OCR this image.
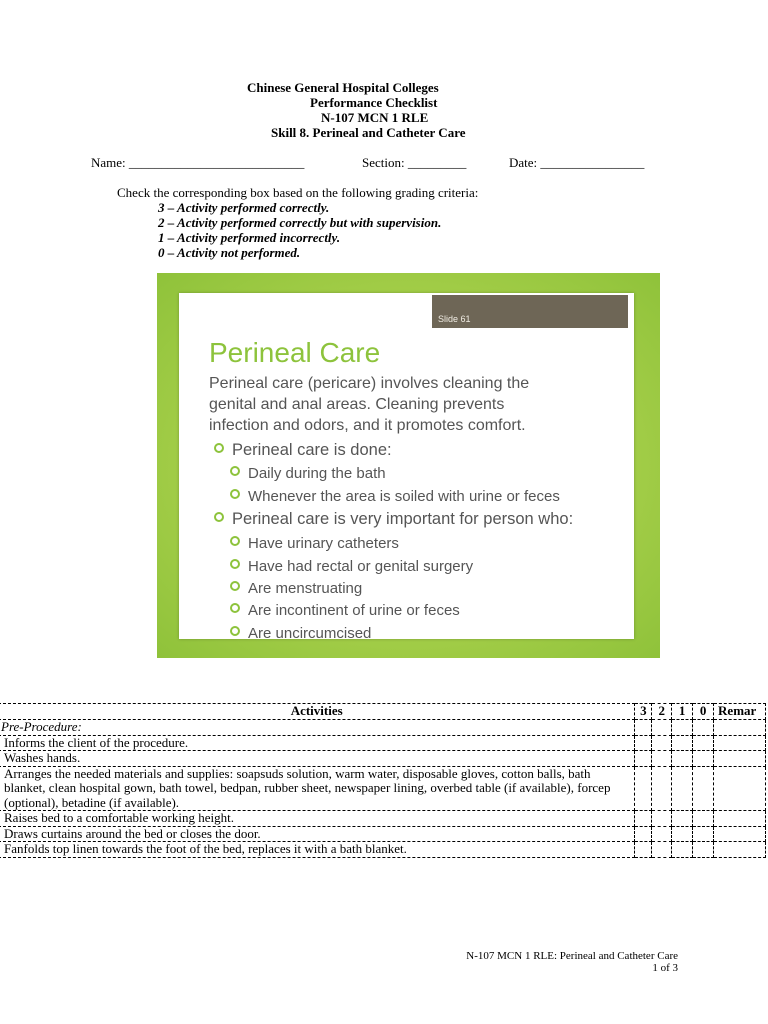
Chinese General Hospital Colleges
Performance Checklist
N-107 MCN 1 RLE
Skill 8. Perineal and Catheter Care
Name: ___________________________	Section: _________	Date: ________________
Check the corresponding box based on the following grading criteria:
3 – Activity performed correctly.
2 – Activity performed correctly but with supervision.
1 – Activity performed incorrectly.
0 – Activity not performed.
Slide 61
Perineal Care
Perineal care (pericare) involves cleaning the
genital and anal areas. Cleaning prevents
infection and odors, and it promotes comfort.
Perineal care is done:
Daily during the bath
Whenever the area is soiled with urine or feces
Perineal care is very important for person who:
Have urinary catheters
Have had rectal or genital surgery
Are menstruating
Are incontinent of urine or feces
Are uncircumcised
Activities	3	2	1	0	Remar
Pre-Procedure:					
Informs the client of the procedure.					
Washes hands.					
Arranges the needed materials and supplies: soapsuds solution, warm water, disposable gloves, cotton balls, bath blanket, clean hospital gown, bath towel, bedpan, rubber sheet, newspaper lining, overbed table (if available), forcep (optional), betadine (if available).					
Raises bed to a comfortable working height.					
Draws curtains around the bed or closes the door.					
Fanfolds top linen towards the foot of the bed, replaces it with a bath blanket.					
N-107 MCN 1 RLE: Perineal and Catheter Care
1 of 3
